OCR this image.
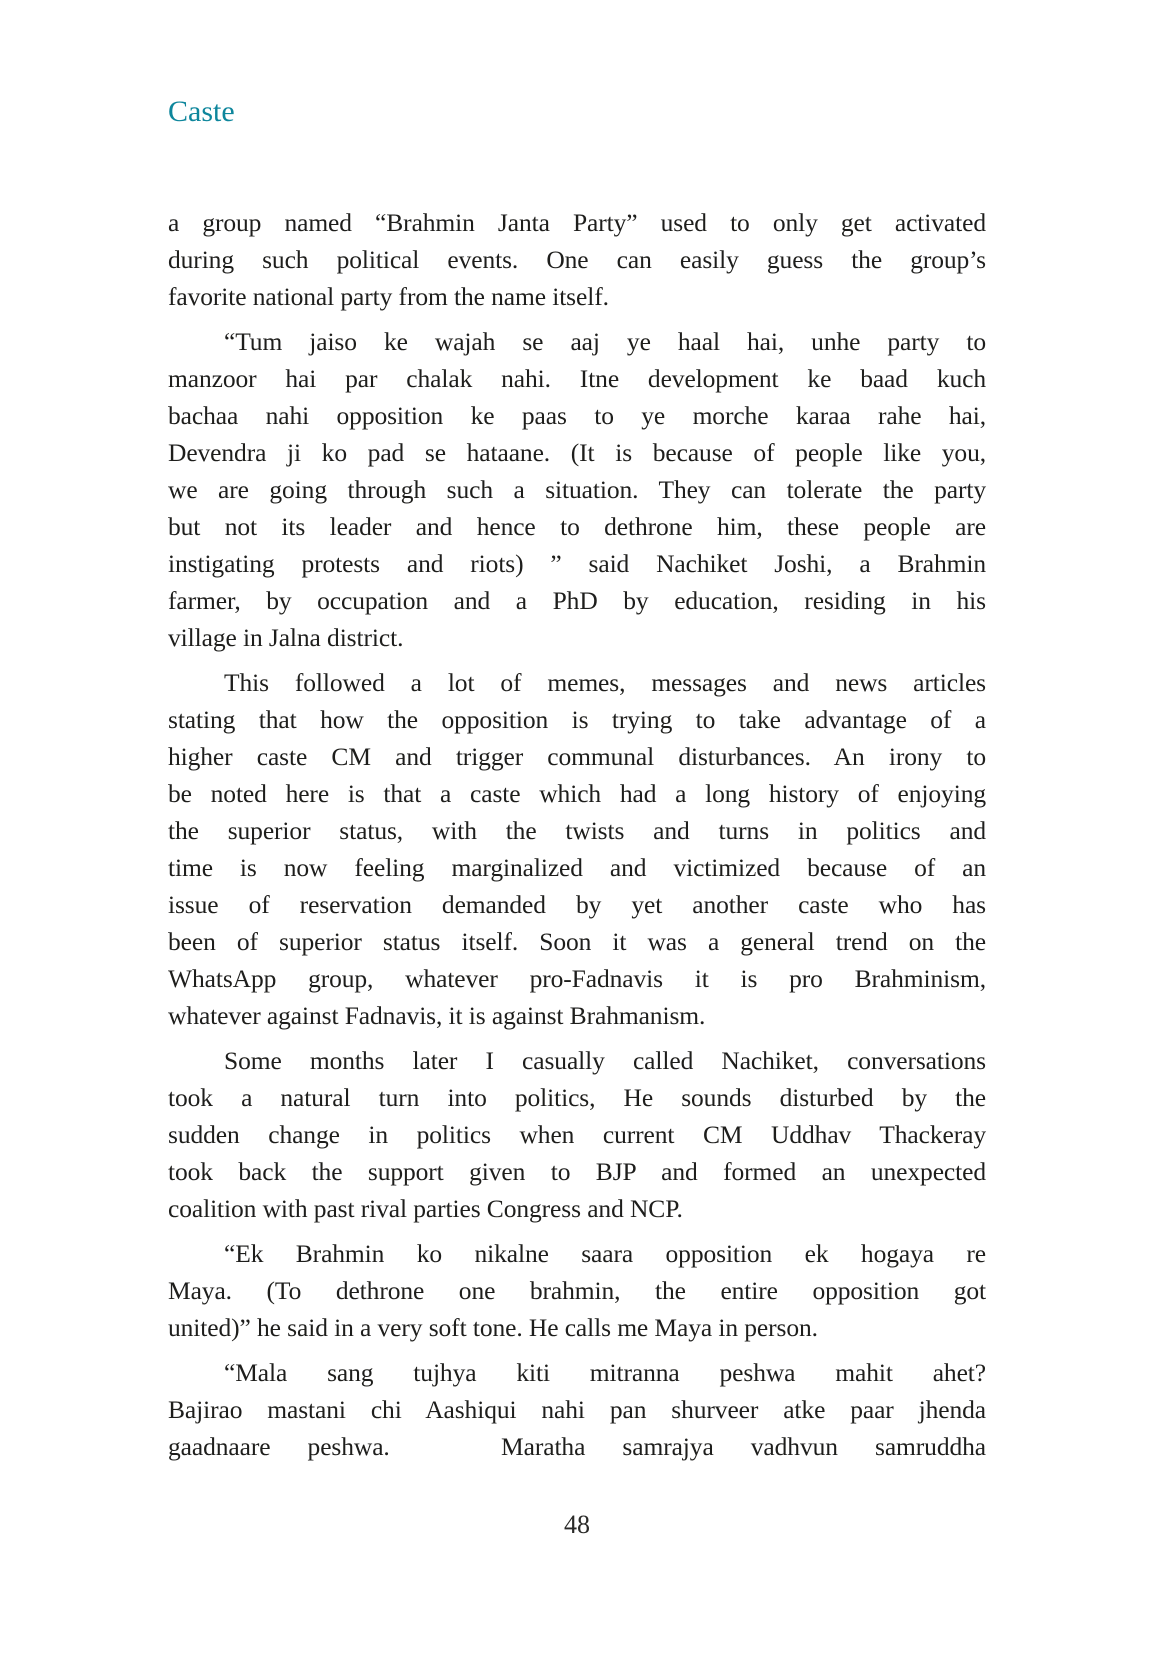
Caste
a group named “Brahmin Janta Party” used to only get activated
during such political events. One can easily guess the group’s
favorite national party from the name itself.
“Tum jaiso ke wajah se aaj ye haal hai, unhe party to
manzoor hai par chalak nahi. Itne development ke baad kuch
bachaa nahi opposition ke paas to ye morche karaa rahe hai,
Devendra ji ko pad se hataane. (It is because of people like you,
we are going through such a situation. They can tolerate the party
but not its leader and hence to dethrone him, these people are
instigating protests and riots) ” said Nachiket Joshi, a Brahmin
farmer, by occupation and a PhD by education, residing in his
village in Jalna district.
This followed a lot of memes, messages and news articles
stating that how the opposition is trying to take advantage of a
higher caste CM and trigger communal disturbances. An irony to
be noted here is that a caste which had a long history of enjoying
the superior status, with the twists and turns in politics and
time is now feeling marginalized and victimized because of an
issue of reservation demanded by yet another caste who has
been of superior status itself. Soon it was a general trend on the
WhatsApp group, whatever pro-Fadnavis it is pro Brahminism,
whatever against Fadnavis, it is against Brahmanism.
Some months later I casually called Nachiket, conversations
took a natural turn into politics, He sounds disturbed by the
sudden change in politics when current CM Uddhav Thackeray
took back the support given to BJP and formed an unexpected
coalition with past rival parties Congress and NCP.
“Ek Brahmin ko nikalne saara opposition ek hogaya re
Maya. (To dethrone one brahmin, the entire opposition got
united)” he said in a very soft tone. He calls me Maya in person.
“Mala sang tujhya kiti mitranna peshwa mahit ahet?
Bajirao mastani chi Aashiqui nahi pan shurveer atke paar jhenda
gaadnaare peshwa.   Maratha samrajya vadhvun samruddha
48
